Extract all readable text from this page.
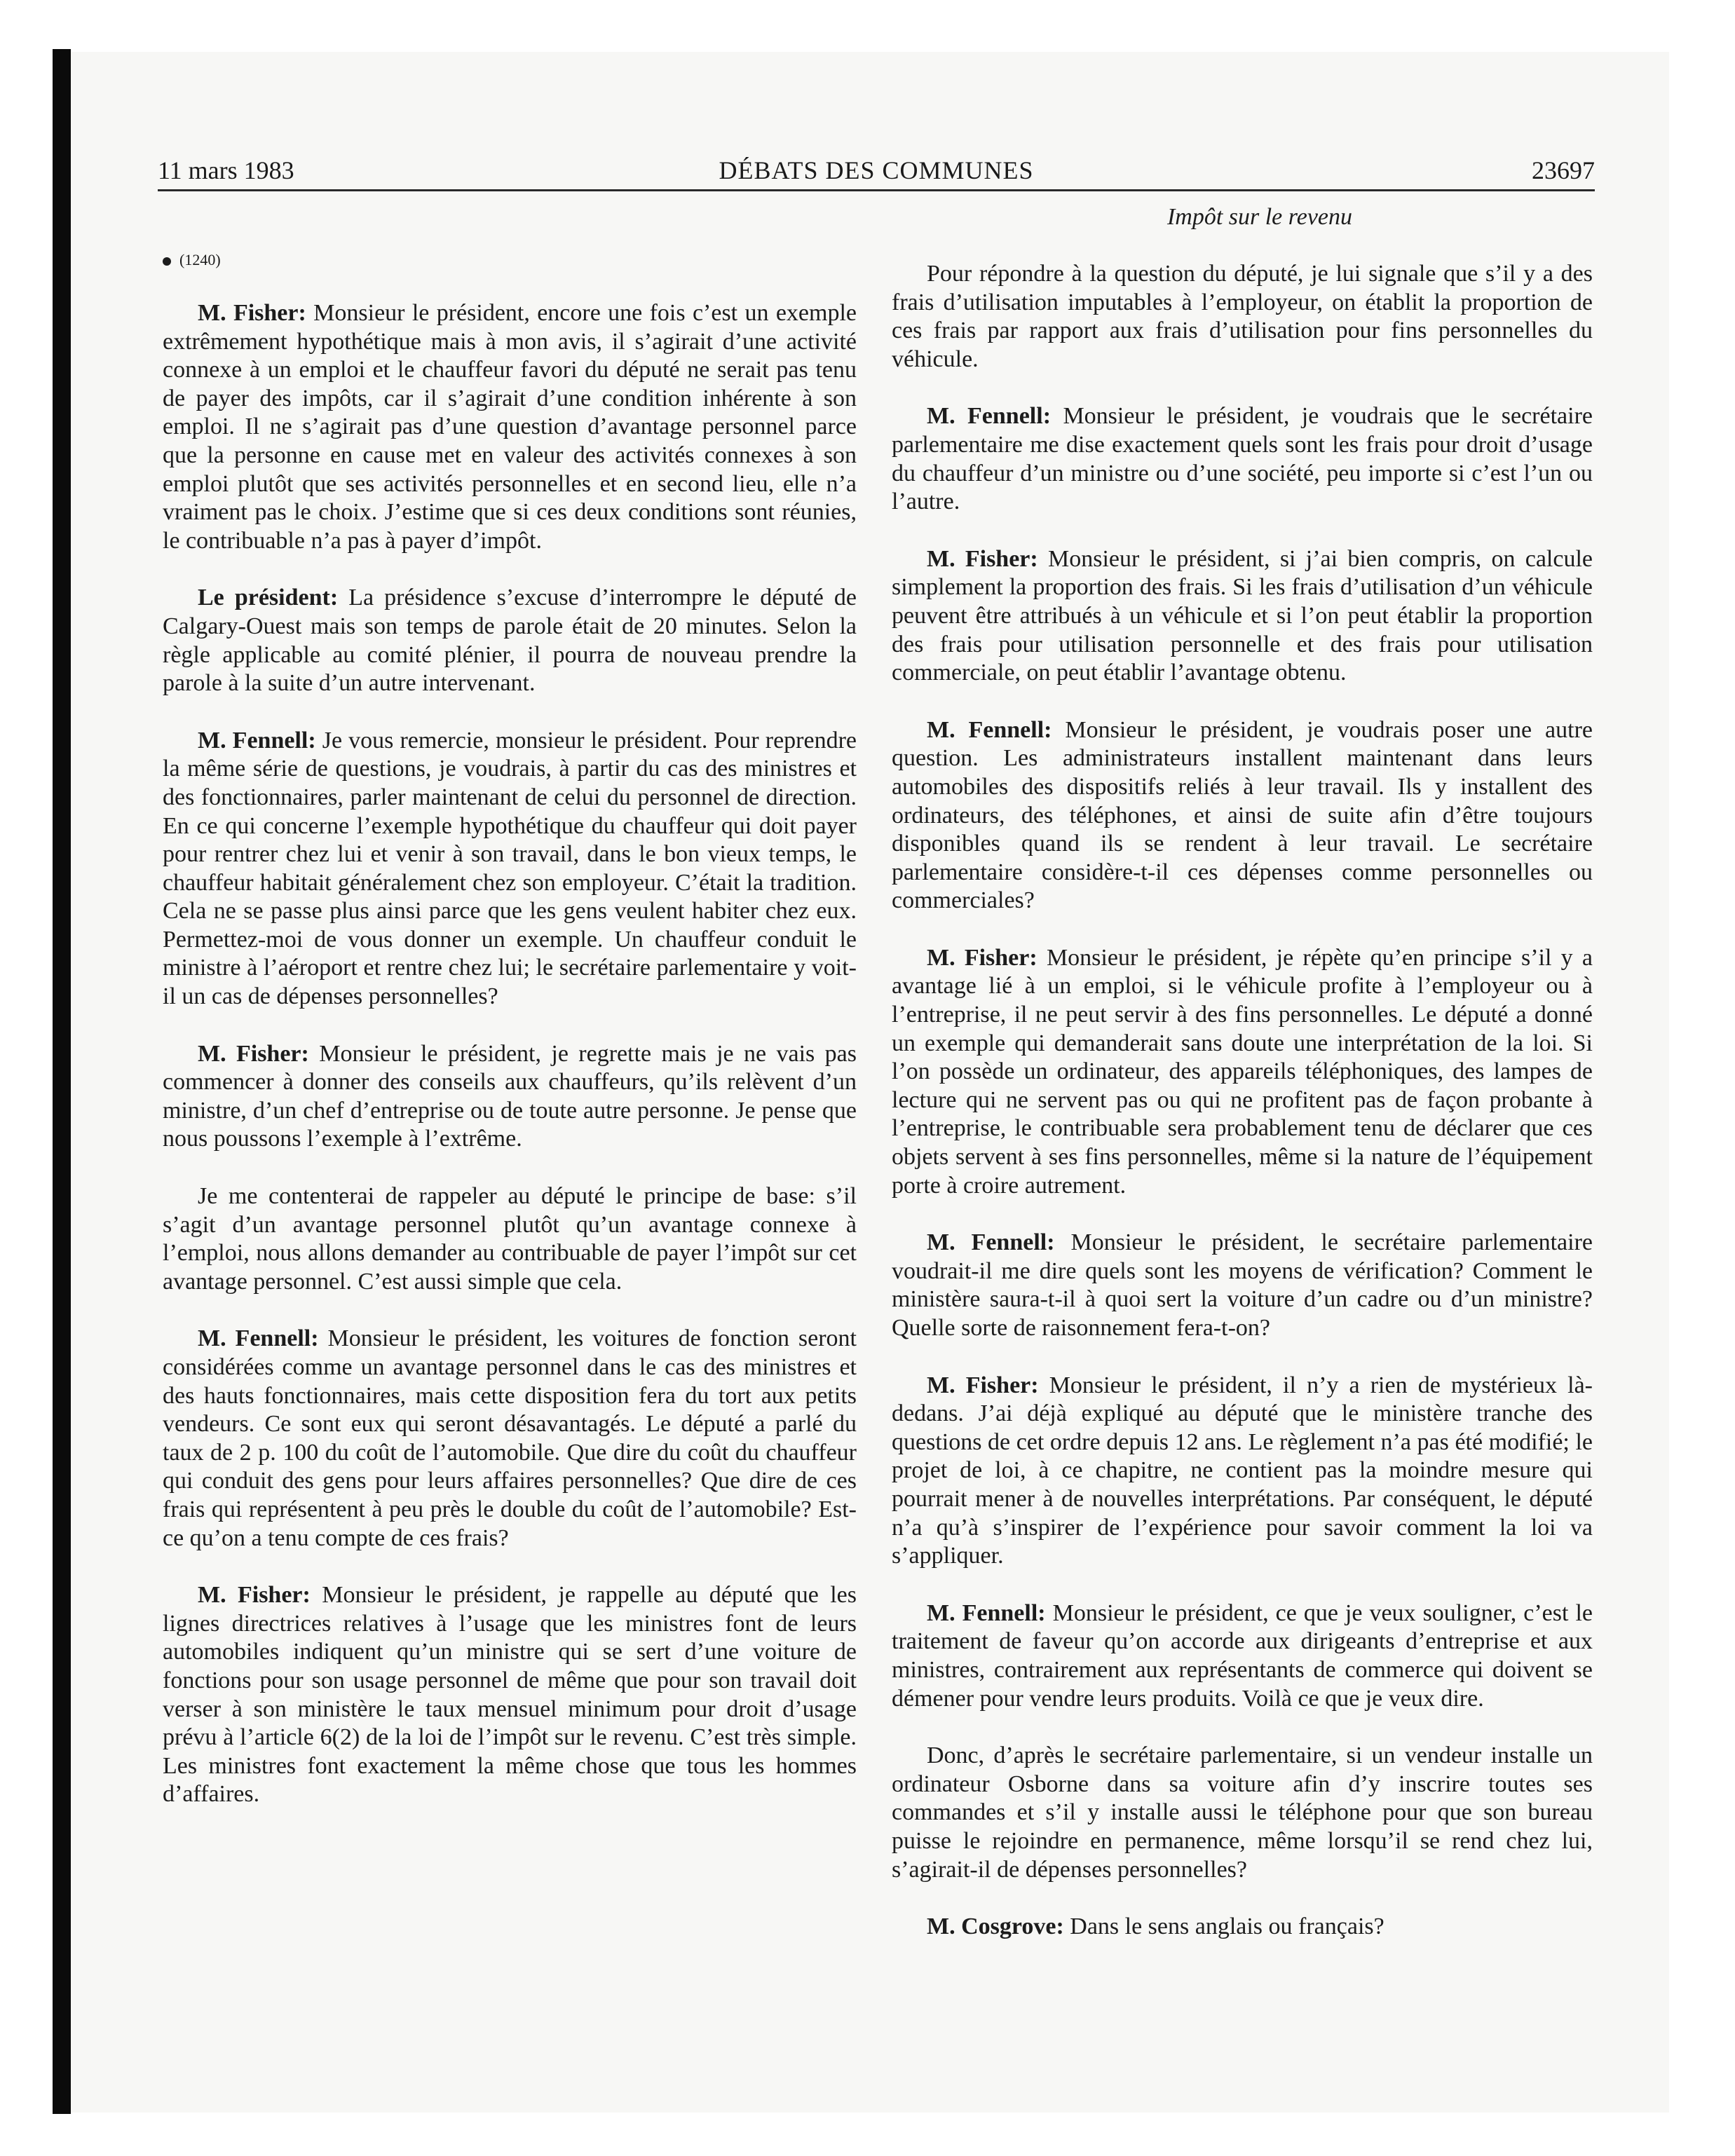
11 mars 1983	DÉBATS DES COMMUNES	23697

(1240)

M. Fisher: Monsieur le président, encore une fois c’est un exemple extrêmement hypothétique mais à mon avis, il s’agirait d’une activité connexe à un emploi et le chauffeur favori du député ne serait pas tenu de payer des impôts, car il s’agirait d’une condition inhérente à son emploi. Il ne s’agirait pas d’une question d’avantage personnel parce que la personne en cause met en valeur des activités connexes à son emploi plutôt que ses activités personnelles et en second lieu, elle n’a vraiment pas le choix. J’estime que si ces deux conditions sont réunies, le contribuable n’a pas à payer d’impôt.

Le président: La présidence s’excuse d’interrompre le député de Calgary-Ouest mais son temps de parole était de 20 minutes. Selon la règle applicable au comité plénier, il pourra de nouveau prendre la parole à la suite d’un autre intervenant.

M. Fennell: Je vous remercie, monsieur le président. Pour reprendre la même série de questions, je voudrais, à partir du cas des ministres et des fonctionnaires, parler maintenant de celui du personnel de direction. En ce qui concerne l’exemple hypothétique du chauffeur qui doit payer pour rentrer chez lui et venir à son travail, dans le bon vieux temps, le chauffeur habitait généralement chez son employeur. C’était la tradition. Cela ne se passe plus ainsi parce que les gens veulent habiter chez eux. Permettez-moi de vous donner un exemple. Un chauffeur conduit le ministre à l’aéroport et rentre chez lui; le secrétaire parlementaire y voit-il un cas de dépenses personnelles?

M. Fisher: Monsieur le président, je regrette mais je ne vais pas commencer à donner des conseils aux chauffeurs, qu’ils relèvent d’un ministre, d’un chef d’entreprise ou de toute autre personne. Je pense que nous poussons l’exemple à l’extrême.

Je me contenterai de rappeler au député le principe de base: s’il s’agit d’un avantage personnel plutôt qu’un avantage connexe à l’emploi, nous allons demander au contribuable de payer l’impôt sur cet avantage personnel. C’est aussi simple que cela.

M. Fennell: Monsieur le président, les voitures de fonction seront considérées comme un avantage personnel dans le cas des ministres et des hauts fonctionnaires, mais cette disposition fera du tort aux petits vendeurs. Ce sont eux qui seront désavantagés. Le député a parlé du taux de 2 p. 100 du coût de l’automobile. Que dire du coût du chauffeur qui conduit des gens pour leurs affaires personnelles? Que dire de ces frais qui représentent à peu près le double du coût de l’automobile? Est-ce qu’on a tenu compte de ces frais?

M. Fisher: Monsieur le président, je rappelle au député que les lignes directrices relatives à l’usage que les ministres font de leurs automobiles indiquent qu’un ministre qui se sert d’une voiture de fonctions pour son usage personnel de même que pour son travail doit verser à son ministère le taux mensuel minimum pour droit d’usage prévu à l’article 6(2) de la loi de l’impôt sur le revenu. C’est très simple. Les ministres font exactement la même chose que tous les hommes d’affaires.

Impôt sur le revenu

Pour répondre à la question du député, je lui signale que s’il y a des frais d’utilisation imputables à l’employeur, on établit la proportion de ces frais par rapport aux frais d’utilisation pour fins personnelles du véhicule.

M. Fennell: Monsieur le président, je voudrais que le secrétaire parlementaire me dise exactement quels sont les frais pour droit d’usage du chauffeur d’un ministre ou d’une société, peu importe si c’est l’un ou l’autre.

M. Fisher: Monsieur le président, si j’ai bien compris, on calcule simplement la proportion des frais. Si les frais d’utilisation d’un véhicule peuvent être attribués à un véhicule et si l’on peut établir la proportion des frais pour utilisation personnelle et des frais pour utilisation commerciale, on peut établir l’avantage obtenu.

M. Fennell: Monsieur le président, je voudrais poser une autre question. Les administrateurs installent maintenant dans leurs automobiles des dispositifs reliés à leur travail. Ils y installent des ordinateurs, des téléphones, et ainsi de suite afin d’être toujours disponibles quand ils se rendent à leur travail. Le secrétaire parlementaire considère-t-il ces dépenses comme personnelles ou commerciales?

M. Fisher: Monsieur le président, je répète qu’en principe s’il y a avantage lié à un emploi, si le véhicule profite à l’employeur ou à l’entreprise, il ne peut servir à des fins personnelles. Le député a donné un exemple qui demanderait sans doute une interprétation de la loi. Si l’on possède un ordinateur, des appareils téléphoniques, des lampes de lecture qui ne servent pas ou qui ne profitent pas de façon probante à l’entreprise, le contribuable sera probablement tenu de déclarer que ces objets servent à ses fins personnelles, même si la nature de l’équipement porte à croire autrement.

M. Fennell: Monsieur le président, le secrétaire parlementaire voudrait-il me dire quels sont les moyens de vérification? Comment le ministère saura-t-il à quoi sert la voiture d’un cadre ou d’un ministre? Quelle sorte de raisonnement fera-t-on?

M. Fisher: Monsieur le président, il n’y a rien de mystérieux là-dedans. J’ai déjà expliqué au député que le ministère tranche des questions de cet ordre depuis 12 ans. Le règlement n’a pas été modifié; le projet de loi, à ce chapitre, ne contient pas la moindre mesure qui pourrait mener à de nouvelles interprétations. Par conséquent, le député n’a qu’à s’inspirer de l’expérience pour savoir comment la loi va s’appliquer.

M. Fennell: Monsieur le président, ce que je veux souligner, c’est le traitement de faveur qu’on accorde aux dirigeants d’entreprise et aux ministres, contrairement aux représentants de commerce qui doivent se démener pour vendre leurs produits. Voilà ce que je veux dire.

Donc, d’après le secrétaire parlementaire, si un vendeur installe un ordinateur Osborne dans sa voiture afin d’y inscrire toutes ses commandes et s’il y installe aussi le téléphone pour que son bureau puisse le rejoindre en permanence, même lorsqu’il se rend chez lui, s’agirait-il de dépenses personnelles?

M. Cosgrove: Dans le sens anglais ou français?
